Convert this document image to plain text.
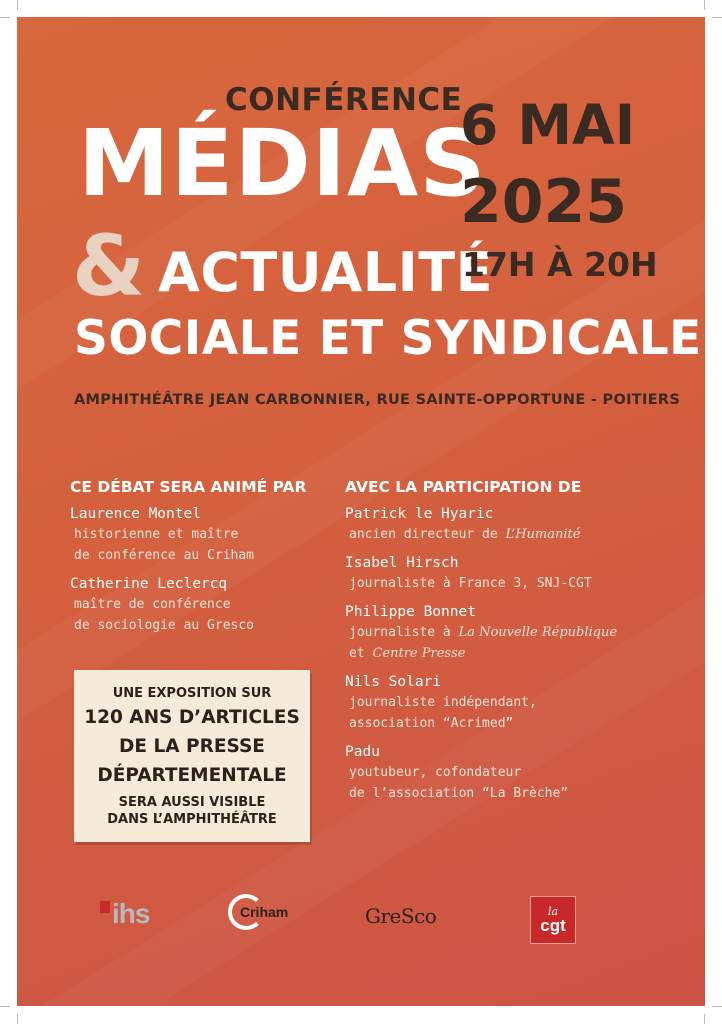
CONFÉRENCE
MÉDIAS
& ACTUALITÉ
SOCIALE ET SYNDICALE
6 MAI
2025
17H À 20H
AMPHITHÉÂTRE JEAN CARBONNIER, RUE SAINTE-OPPORTUNE - POITIERS
CE DÉBAT SERA ANIMÉ PAR
Laurence Montel
historienne et maître
de conférence au Criham
Catherine Leclercq
maître de conférence
de sociologie au Gresco
AVEC LA PARTICIPATION DE
Patrick le Hyaric
ancien directeur de L’Humanité
Isabel Hirsch
journaliste à France 3, SNJ-CGT
Philippe Bonnet
journaliste à La Nouvelle République
et Centre Presse
Nils Solari
journaliste indépendant,
association “Acrimed”
Padu
youtubeur, cofondateur
de l’association “La Brèche”
UNE EXPOSITION SUR
120 ANS D’ARTICLES
DE LA PRESSE
DÉPARTEMENTALE
SERA AUSSI VISIBLE
DANS L’AMPHITHÉÂTRE
ihs	Criham	GreSco	la
cgt
